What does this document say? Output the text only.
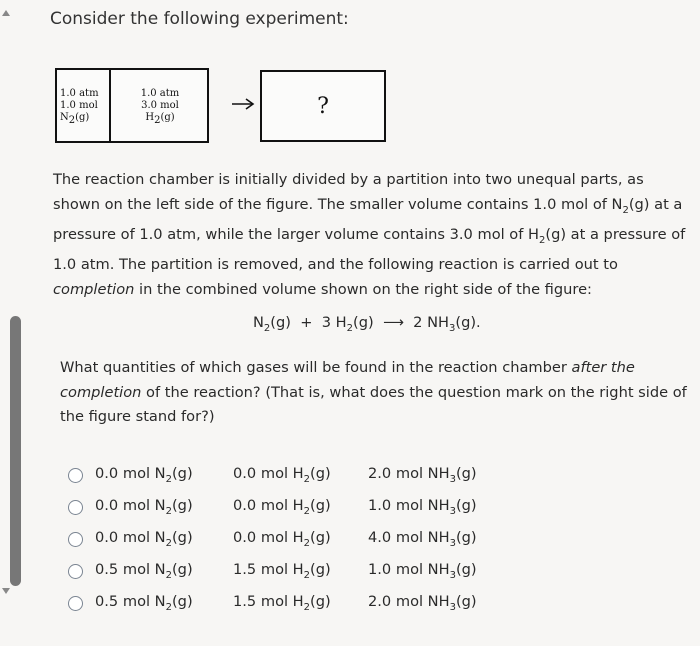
Consider the following experiment:
1.0 atm
1.0 mol
$N_2(g)$
1.0 atm
3.0 mol
$H_2(g)$	?
The reaction chamber is initially divided by a partition into two unequal parts, as shown on the left side of the figure. The smaller volume contains 1.0 mol of $N_2(g)$ at a pressure of 1.0 atm, while the larger volume contains 3.0 mol of $H_2(g)$ at a pressure of 1.0 atm. The partition is removed, and the following reaction is carried out to completion in the combined volume shown on the right side of the figure:
$N_2(g) + 3$ $H_2(g)$ ⟶ 2 $NH_3(g)$.
What quantities of which gases will be found in the reaction chamber after the completion of the reaction? (That is, what does the question mark on the right side of the figure stand for?)
0.0 mol $N_2(g)$	0.0 mol $H_2(g)$	2.0 mol $NH_3(g)$
0.0 mol $N_2(g)$	0.0 mol $H_2(g)$	1.0 mol $NH_3(g)$
0.0 mol $N_2(g)$	0.0 mol $H_2(g)$	4.0 mol $NH_3(g)$
0.5 mol $N_2(g)$	1.5 mol $H_2(g)$	1.0 mol $NH_3(g)$
0.5 mol $N_2(g)$	1.5 mol $H_2(g)$	2.0 mol $NH_3(g)$
